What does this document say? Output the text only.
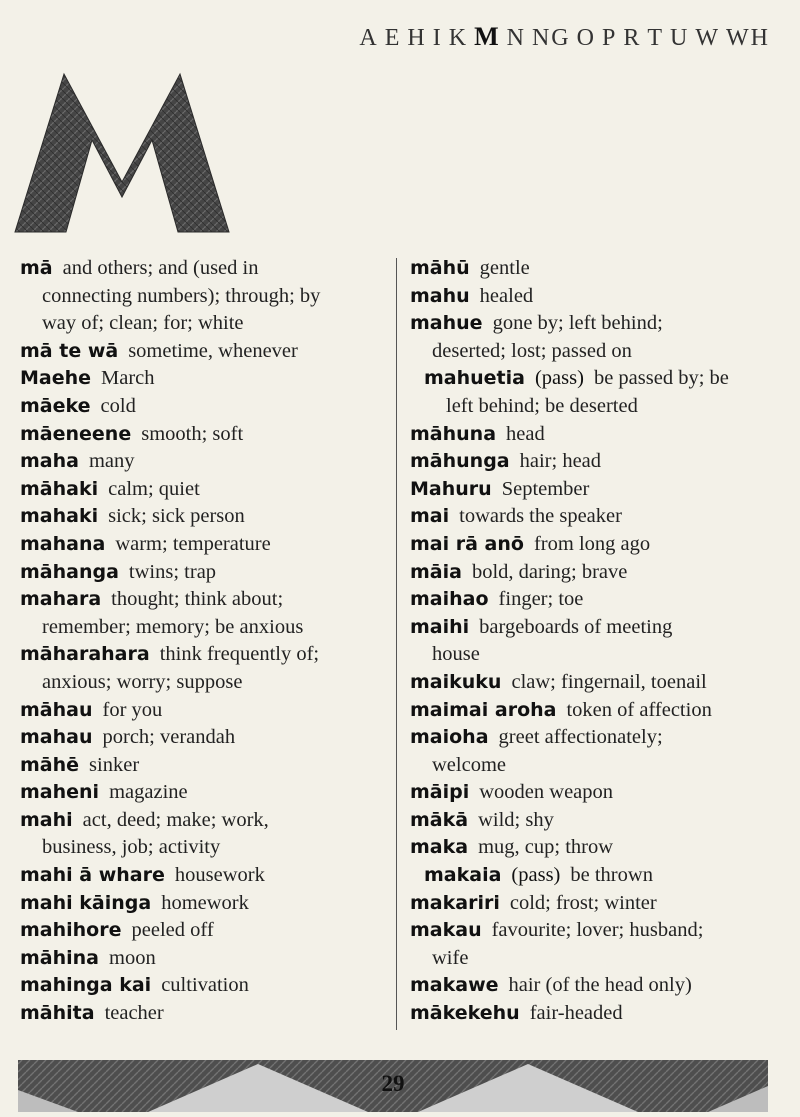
A E H I K M N NG O P R T U W WH
mā and others; and (used in
connecting numbers); through; by
way of; clean; for; white
mā te wā sometime, whenever
Maehe March
māeke cold
māeneene smooth; soft
maha many
māhaki calm; quiet
mahaki sick; sick person
mahana warm; temperature
māhanga twins; trap
mahara thought; think about;
remember; memory; be anxious
māharahara think frequently of;
anxious; worry; suppose
māhau for you
mahau porch; verandah
māhē sinker
maheni magazine
mahi act, deed; make; work,
business, job; activity
mahi ā whare housework
mahi kāinga homework
mahihore peeled off
māhina moon
mahinga kai cultivation
māhita teacher
māhū gentle
mahu healed
mahue gone by; left behind;
deserted; lost; passed on
mahuetia (pass) be passed by; be
left behind; be deserted
māhuna head
māhunga hair; head
Mahuru September
mai towards the speaker
mai rā anō from long ago
māia bold, daring; brave
maihao finger; toe
maihi bargeboards of meeting
house
maikuku claw; fingernail, toenail
maimai aroha token of affection
maioha greet affectionately;
welcome
māipi wooden weapon
mākā wild; shy
maka mug, cup; throw
makaia (pass) be thrown
makariri cold; frost; winter
makau favourite; lover; husband;
wife
makawe hair (of the head only)
mākekehu fair-headed
29
